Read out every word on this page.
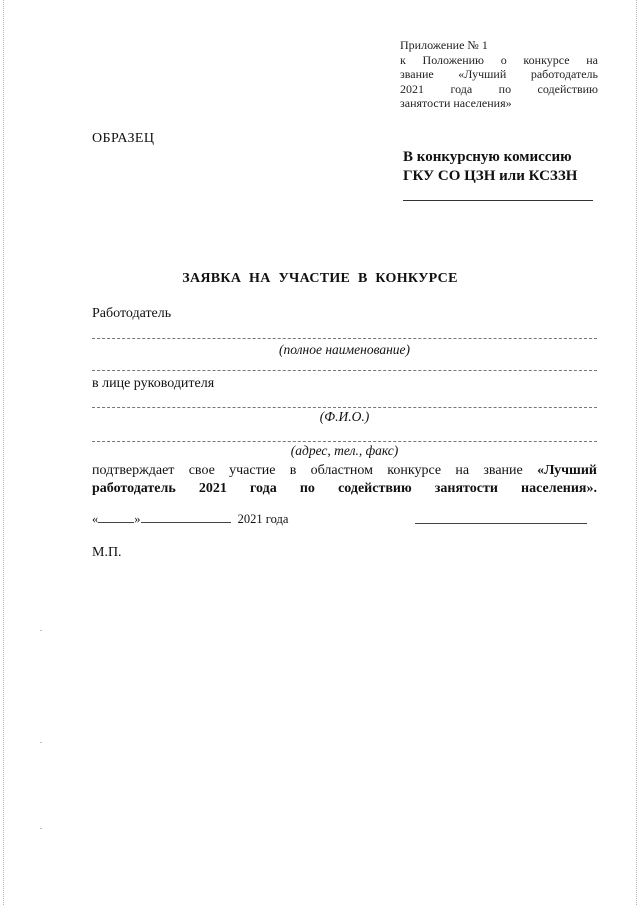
Приложение № 1
к Положению о конкурсе на
звание «Лучший работодатель
2021 года по содействию
занятости населения»
ОБРАЗЕЦ
В конкурсную комиссию
ГКУ СО ЦЗН или КСЗЗН
ЗАЯВКА НА УЧАСТИЕ В КОНКУРСЕ
Работодатель
(полное наименование)
в лице руководителя
(Ф.И.О.)
(адрес, тел., факс)
подтверждает свое участие в областном конкурсе на звание «Лучший
работодатель 2021 года по содействию занятости населения».
«	»	2021 года
М.П.
